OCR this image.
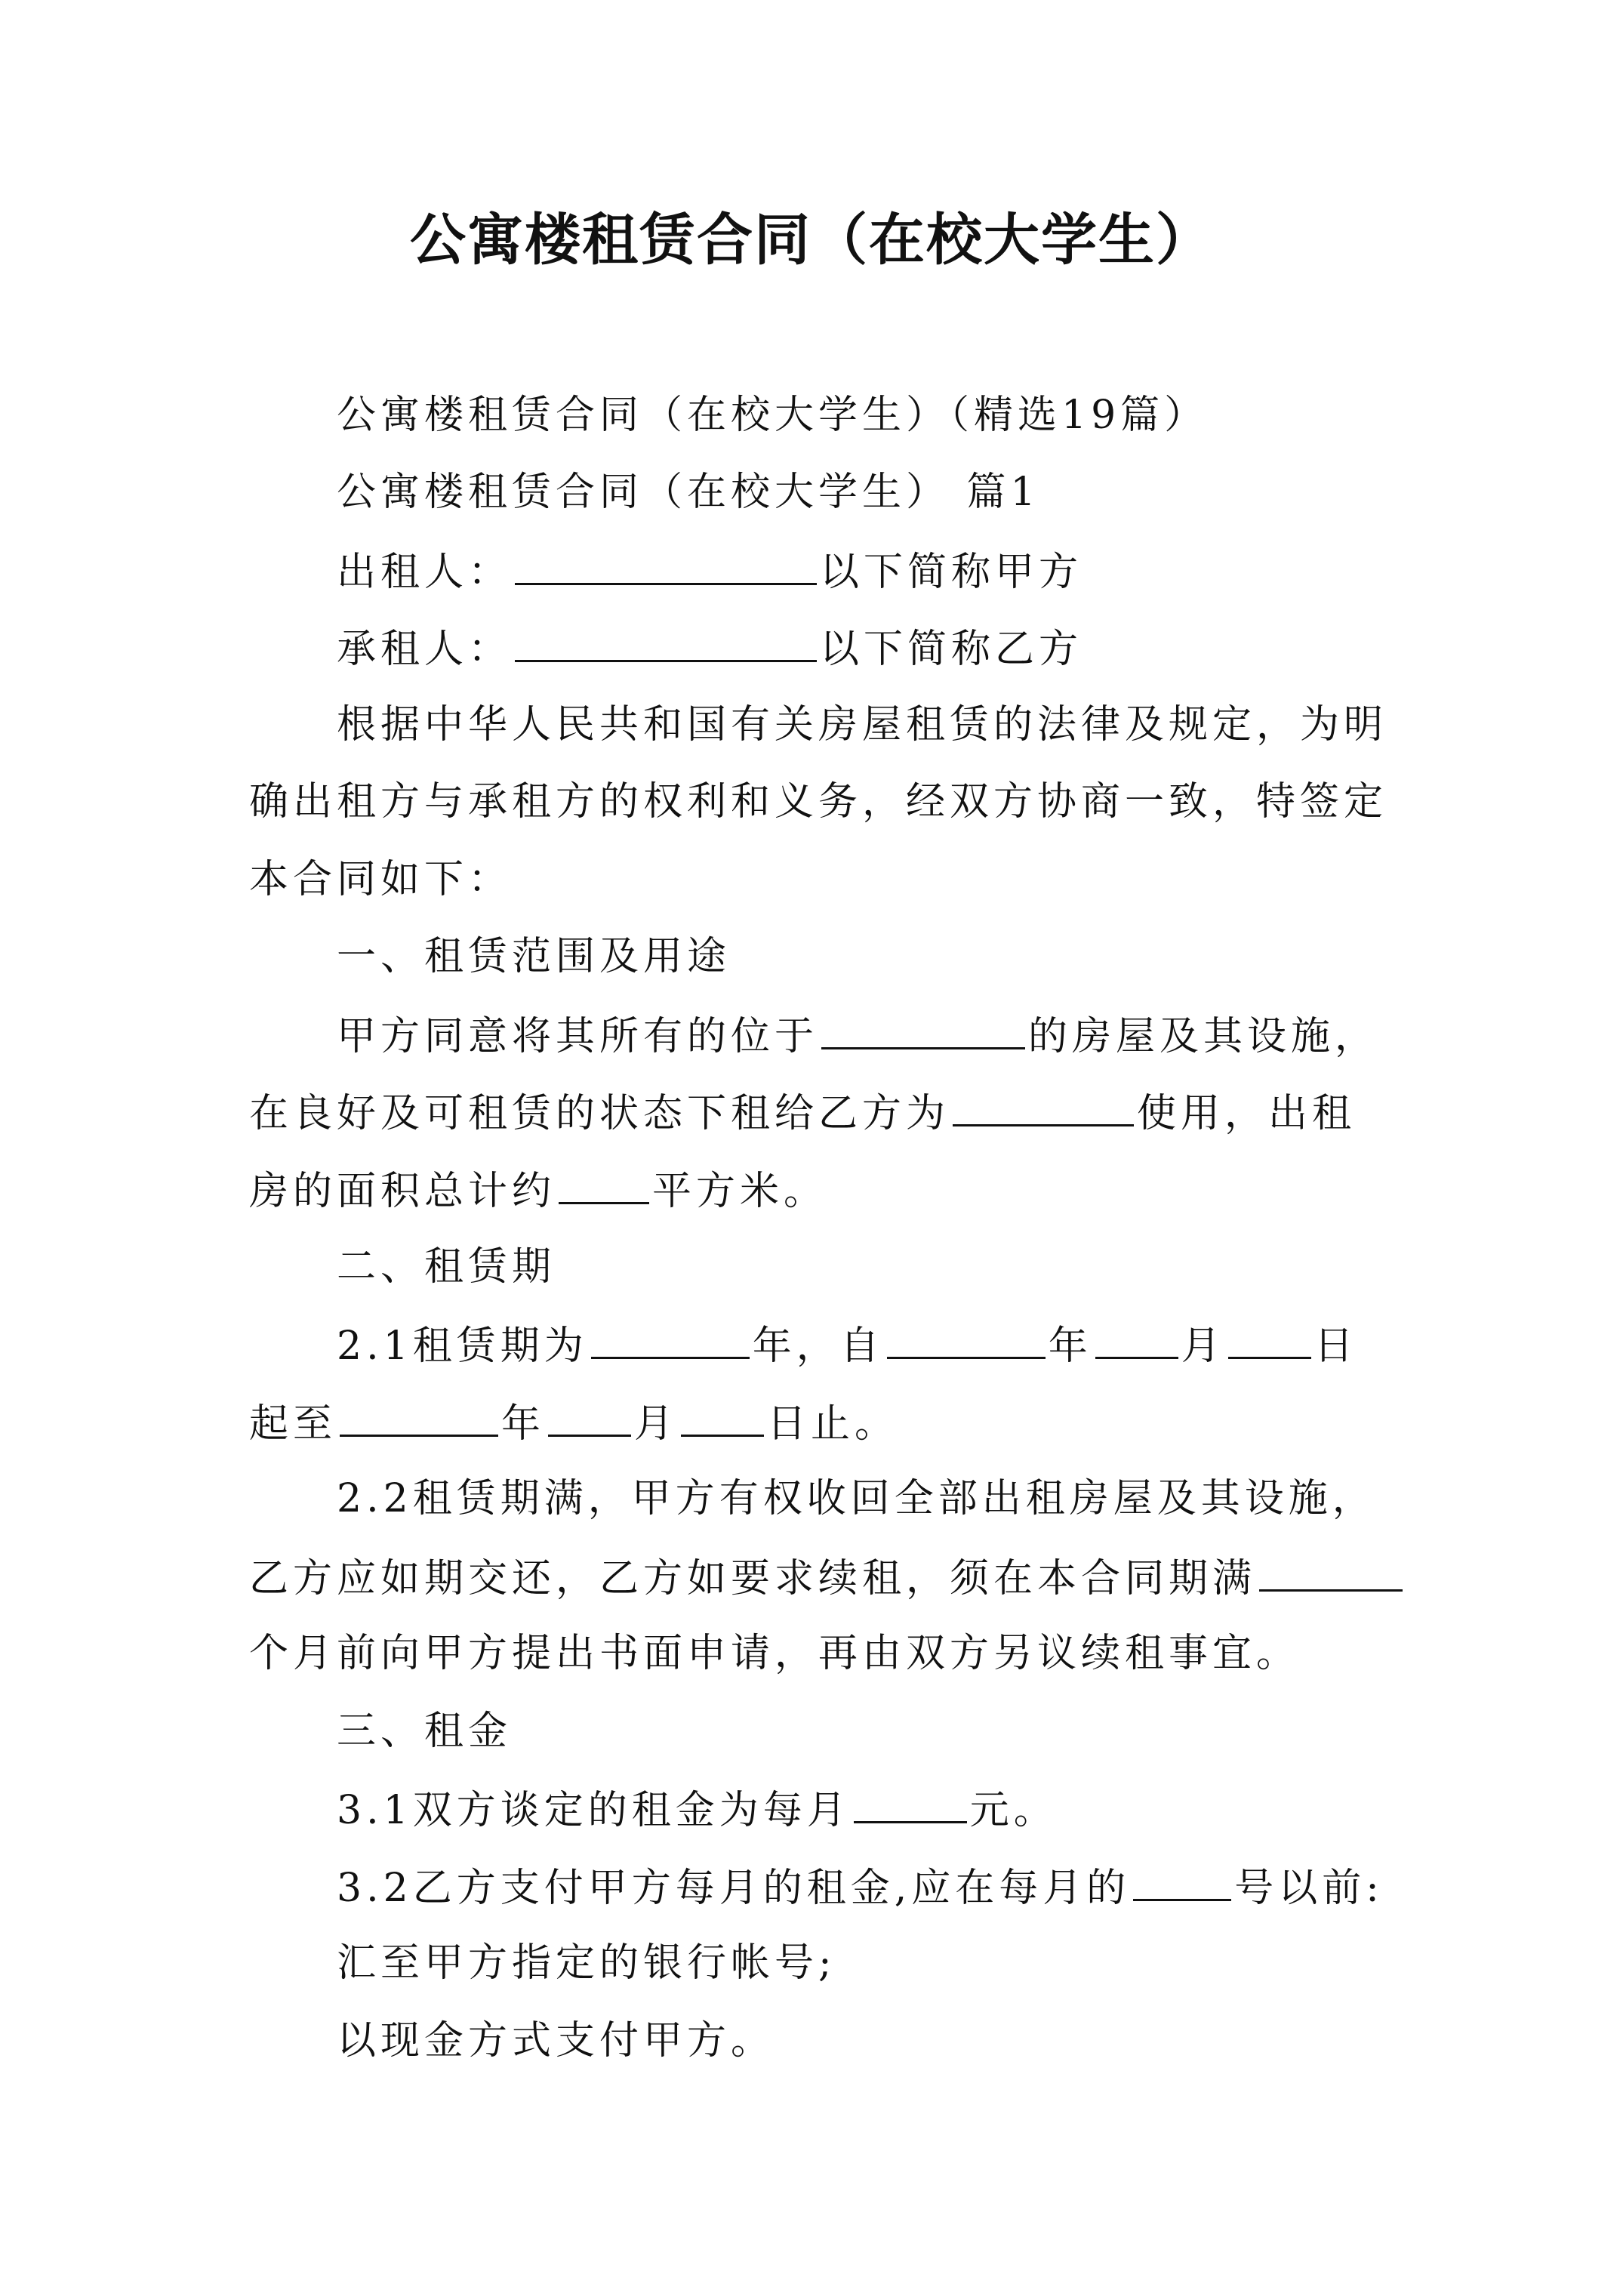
公寓楼租赁合同（在校大学生）
公寓楼租赁合同（在校大学生）（精选19篇）
公寓楼租赁合同（在校大学生） 篇1
出租人：	以下简称甲方
承租人：	以下简称乙方
根据中华人民共和国有关房屋租赁的法律及规定，为明
确出租方与承租方的权利和义务，经双方协商一致，特签定
本合同如下：
一、租赁范围及用途
甲方同意将其所有的位于	的房屋及其设施，
在良好及可租赁的状态下租给乙方为	使用，出租
房的面积总计约 平方米。
二、租赁期
2.1租赁期为	年，自	年 月 日
起至	年 月 日止。
2.2租赁期满，甲方有权收回全部出租房屋及其设施，
乙方应如期交还，乙方如要求续租，须在本合同期满
个月前向甲方提出书面申请，再由双方另议续租事宜。
三、租金
3.1双方谈定的租金为每月	元。
3.2乙方支付甲方每月的租金,应在每月的	号以前:
汇至甲方指定的银行帐号;
以现金方式支付甲方。
